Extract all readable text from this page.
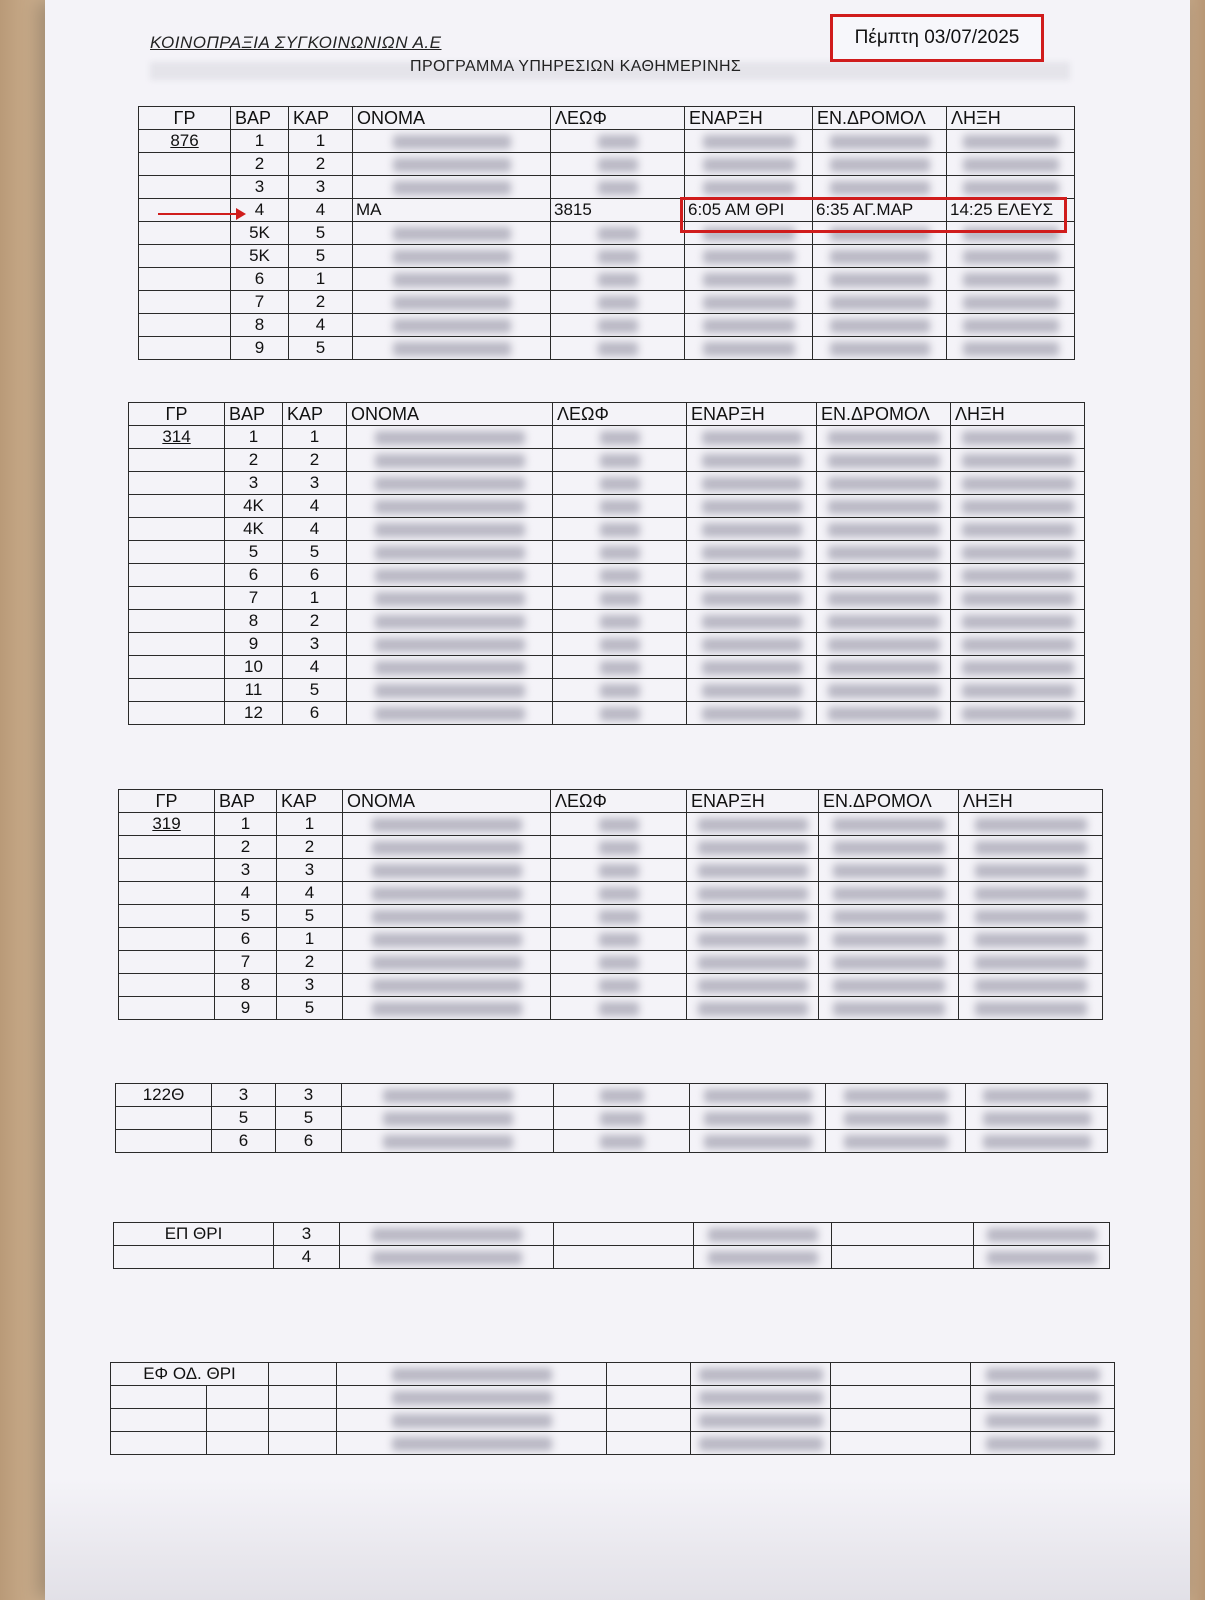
ΚΟΙΝΟΠΡΑΞΙΑ ΣΥΓΚΟΙΝΩΝΙΩΝ Α.Ε
ΠΡΟΓΡΑΜΜΑ ΥΠΗΡΕΣΙΩΝ ΚΑΘΗΜΕΡΙΝΗΣ
Πέμπτη 03/07/2025
ΓΡ	ΒΑΡ	ΚΑΡ	ΟΝΟΜΑ	ΛΕΩΦ	ΕΝΑΡΞΗ	ΕΝ.ΔΡΟΜΟΛ	ΛΗΞΗ
876	1	1					
	2	2					
	3	3					
	4	4	ΜΑ	3815	6:05 ΑΜ ΘΡΙ	6:35 ΑΓ.ΜΑΡ	14:25 ΕΛΕΥΣ
	5Κ	5					
	5Κ	5					
	6	1					
	7	2					
	8	4					
	9	5					
ΓΡ	ΒΑΡ	ΚΑΡ	ΟΝΟΜΑ	ΛΕΩΦ	ΕΝΑΡΞΗ	ΕΝ.ΔΡΟΜΟΛ	ΛΗΞΗ
314	1	1					
	2	2					
	3	3					
	4Κ	4					
	4Κ	4					
	5	5					
	6	6					
	7	1					
	8	2					
	9	3					
	10	4					
	11	5					
	12	6					
ΓΡ	ΒΑΡ	ΚΑΡ	ΟΝΟΜΑ	ΛΕΩΦ	ΕΝΑΡΞΗ	ΕΝ.ΔΡΟΜΟΛ	ΛΗΞΗ
319	1	1					
	2	2					
	3	3					
	4	4					
	5	5					
	6	1					
	7	2					
	8	3					
	9	5					
122Θ	3	3					
	5	5					
	6	6					
ΕΠ ΘΡΙ	3					
	4					
ΕΦ ΟΔ. ΘΡΙ							
